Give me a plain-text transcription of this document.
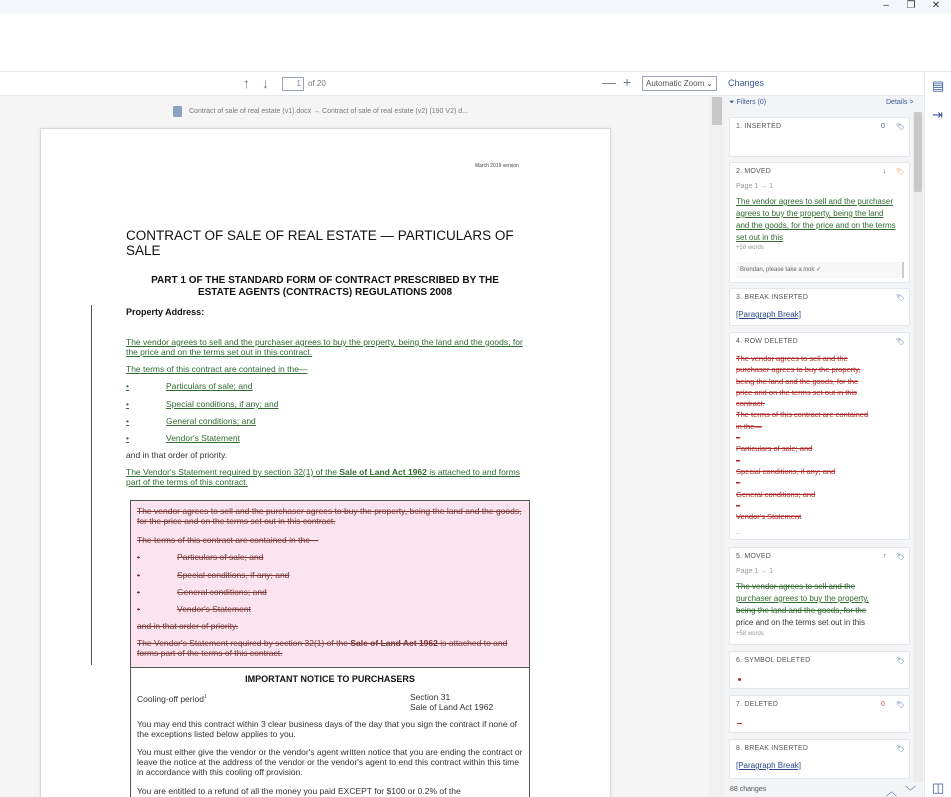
–	❐	✕
↑ ↓	1 of 20	— +	Automatic Zoom ⌄ Changes
Contract of sale of real estate (v1).docx → Contract of sale of real estate (v2) (190 V2) d...
March 2019 version
CONTRACT OF SALE OF REAL ESTATE — PARTICULARS OF SALE
PART 1 OF THE STANDARD FORM OF CONTRACT PRESCRIBED BY THE ESTATE AGENTS (CONTRACTS) REGULATIONS 2008
Property Address:
The vendor agrees to sell and the purchaser agrees to buy the property, being the land and the goods, for the price and on the terms set out in this contract.
The terms of this contract are contained in the—
•	Particulars of sale; and
•	Special conditions, if any; and
•	General conditions; and
•	Vendor's Statement
and in that order of priority.
The Vendor's Statement required by section 32(1) of the Sale of Land Act 1962 is attached to and forms part of the terms of this contract.
The vendor agrees to sell and the purchaser agrees to buy the property, being the land and the goods, for the price and on the terms set out in this contract.
The terms of this contract are contained in the—
•	Particulars of sale; and
•	Special conditions, if any; and
•	General conditions; and
•	Vendor's Statement
and in that order of priority.
The Vendor's Statement required by section 32(1) of the Sale of Land Act 1962 is attached to and forms part of the terms of this contract.
IMPORTANT NOTICE TO PURCHASERS
Cooling-off period$^1$	Section 31
Sale of Land Act 1962
You may end this contract within 3 clear business days of the day that you sign the contract if none of the exceptions listed below applies to you.
You must either give the vendor or the vendor's agent written notice that you are ending the contract or leave the notice at the address of the vendor or the vendor's agent to end this contract within this time in accordance with this cooling off provision.
You are entitled to a refund of all the money you paid EXCEPT for $100 or 0.2% of the
⏷ Filters (0)	Details >
1. INSERTED	0 🏷
2. MOVED	↓ 🏷
Page 1 → 1
The vendor agrees to sell and the purchaser agrees to buy the property, being the land and the goods, for the price and on the terms set out in this
+58 words
Brendan, please take a look ✓
3. BREAK INSERTED	🏷
[Paragraph Break]
4. ROW DELETED	🏷
The vendor agrees to sell and the
purchaser agrees to buy the property,
being the land and the goods, for the
price and on the terms set out in this
contract.
The terms of this contract are contained
in the—
–
Particulars of sale; and
–
Special conditions, if any; and
–
General conditions; and
–
Vendor's Statement
...
5. MOVED	↑ 🏷
Page 1 → 1
The vendor agrees to sell and the
purchaser agrees to buy the property,
being the land and the goods, for the
price and on the terms set out in this
+58 words
6. SYMBOL DELETED	🏷
7. DELETED	0 🏷
8. BREAK INSERTED	🏷
[Paragraph Break]
88 changes	︿ ﹀
▤
⇥
◫
